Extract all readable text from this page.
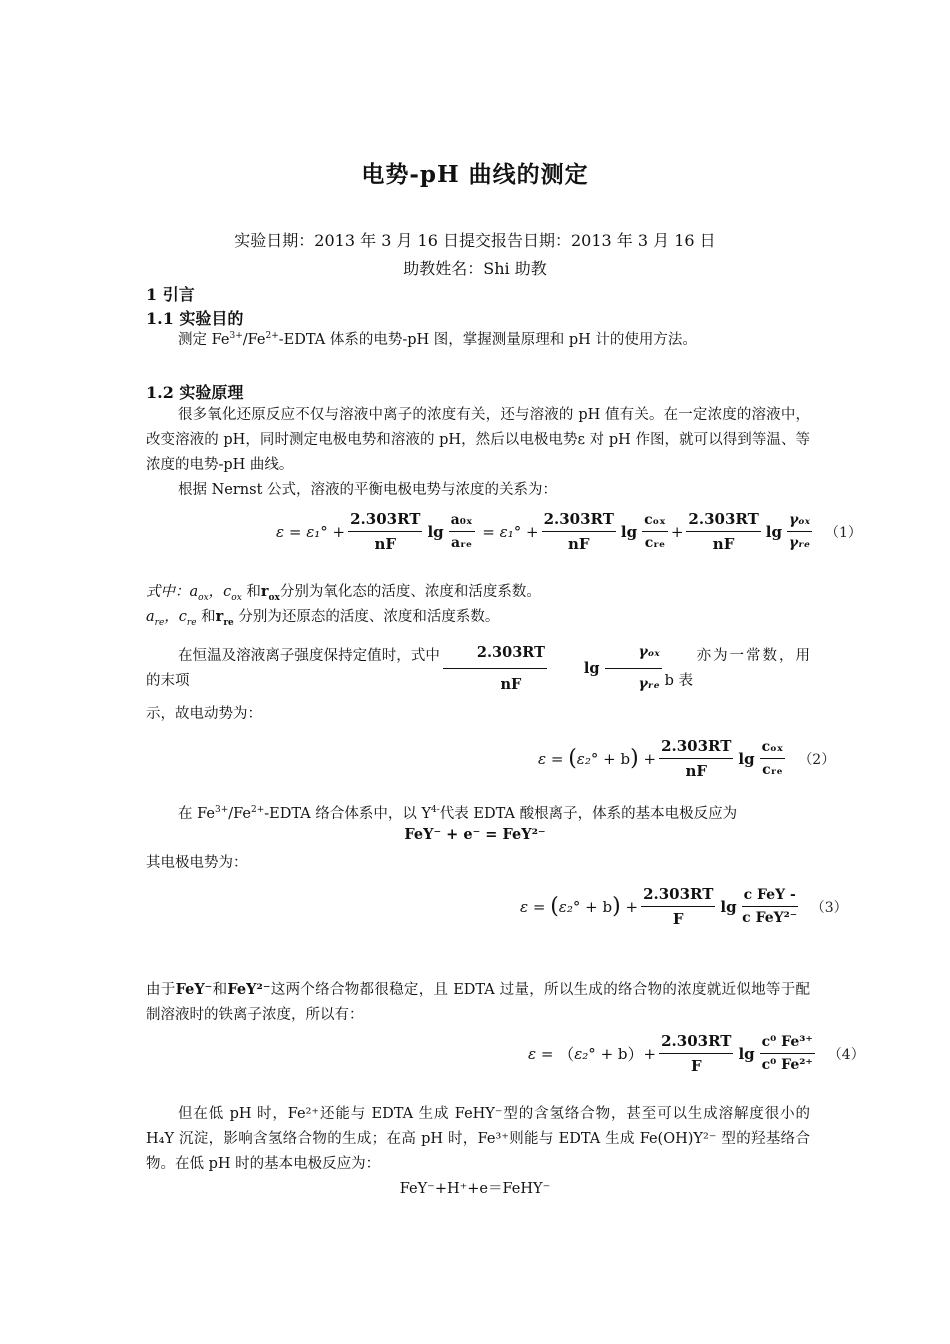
电势-pH 曲线的测定
实验日期：2013 年 3 月 16 日提交报告日期：2013 年 3 月 16 日
助教姓名：Shi 助教
1 引言
1.1 实验目的
测定 $Fe^{3+}/Fe^{2+}$-EDTA 体系的电势-pH 图，掌握测量原理和 pH 计的使用方法。
1.2 实验原理
很多氧化还原反应不仅与溶液中离子的浓度有关，还与溶液的 pH 值有关。在一定浓度的溶液中，改变溶液的 pH，同时测定电极电势和溶液的 pH，然后以电极电势ε 对 pH 作图，就可以得到等温、等浓度的电势-pH 曲线。
根据 Nernst 公式，溶液的平衡电极电势与浓度的关系为：
ε
=
ε₁°
+ $\frac{2.303RT}{nF}$ $\lg \frac{\text{a₀ₓ}}{\text{aᵣₑ}}$
=
ε₁°
+ $\frac{2.303RT}{nF}$ $\lg \frac{\text{cₒₓ}}{\text{cᵣₑ}} + \frac{2.303RT}{nF}$ $\lg \frac{\text{γₒₓ}}{\text{γᵣₑ}} (1)$
式中：$a_{ox}$，$c_{ox}$ 和$r_{ox}$分别为氧化态的活度、浓度和活度系数。
$a_{re}$，$c_{re}$ 和$r_{re}$ 分别为还原态的活度、浓度和活度系数。
在恒温及溶液离子强度保持定值时，式中的末项	$\frac{2.303RT}{nF}$	$\lg \frac{\text{γₒₓ}}{\text{γᵣₑ}}$	亦为一常数，用 b 表
示，故电动势为：
ε
=
( ε₂°
+
b )
+ $\frac{2.303RT}{nF}$ $\lg \frac{\text{cₒₓ}}{\text{cᵣₑ}} (2)$
在 $Fe^{3+}/Fe^{2+}$-EDTA 络合体系中，以 $Y^{4-}$代表 EDTA 酸根离子，体系的基本电极反应为
FeY⁻ + e⁻ = FeY²⁻
其电极电势为：
ε
=
( ε₂°
+
b )
+ $\frac{2.303RT}{F}$ $\lg \frac{\text{c FeY -}}{\text{c FeY²⁻}} (3)$
由于FeY⁻和FeY²⁻这两个络合物都很稳定，且 EDTA 过量，所以生成的络合物的浓度就近似地等于配制溶液时的铁离子浓度，所以有：
ε
=
（ ε₂°
+
b ） + $\frac{2.303RT}{F}$ $\lg \frac{\text{c⁰ Fe³⁺}}{\text{c⁰ Fe²⁺}} (4)$
但在低 pH 时，Fe²⁺还能与 EDTA 生成 FeHY⁻型的含氢络合物，甚至可以生成溶解度很小的 H₄Y 沉淀，影响含氢络合物的生成；在高 pH 时，Fe³⁺则能与 EDTA 生成 Fe(OH)Y²⁻ 型的羟基络合物。在低 pH 时的基本电极反应为：
FeY⁻+H⁺+e＝FeHY⁻
